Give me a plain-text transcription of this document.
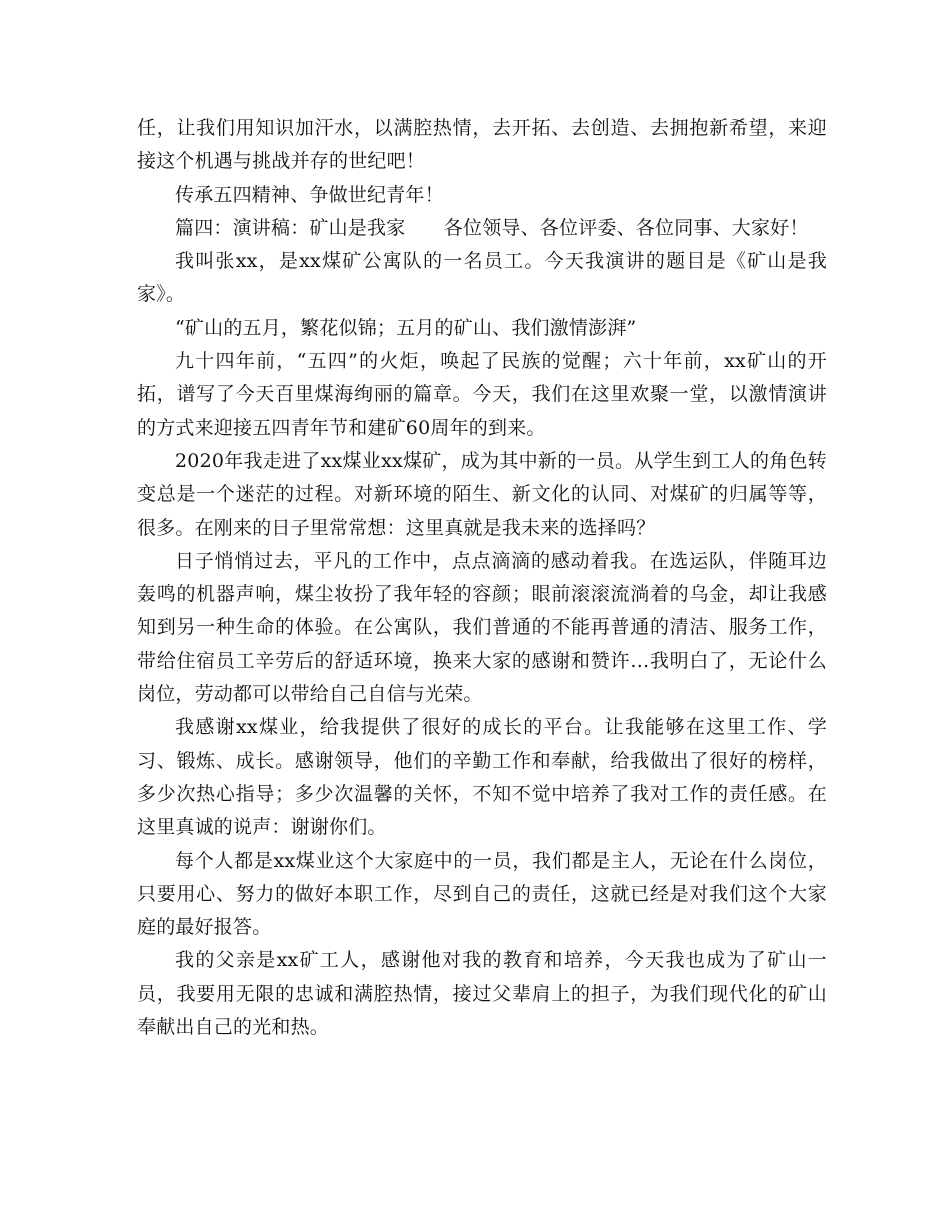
任，让我们用知识加汗水，以满腔热情，去开拓、去创造、去拥抱新希望，来迎接这个机遇与挑战并存的世纪吧！

传承五四精神、争做世纪青年！

篇四：演讲稿：矿山是我家　　各位领导、各位评委、各位同事、大家好！

我叫张xx，是xx煤矿公寓队的一名员工。今天我演讲的题目是《矿山是我家》。

“矿山的五月，繁花似锦；五月的矿山、我们激情澎湃”

九十四年前，“五四”的火炬，唤起了民族的觉醒；六十年前，xx矿山的开拓，谱写了今天百里煤海绚丽的篇章。今天，我们在这里欢聚一堂，以激情演讲的方式来迎接五四青年节和建矿60周年的到来。

2020年我走进了xx煤业xx煤矿，成为其中新的一员。从学生到工人的角色转变总是一个迷茫的过程。对新环境的陌生、新文化的认同、对煤矿的归属等等，很多。在刚来的日子里常常想：这里真就是我未来的选择吗？

日子悄悄过去，平凡的工作中，点点滴滴的感动着我。在选运队，伴随耳边轰鸣的机器声响，煤尘妆扮了我年轻的容颜；眼前滚滚流淌着的乌金，却让我感知到另一种生命的体验。在公寓队，我们普通的不能再普通的清洁、服务工作，带给住宿员工辛劳后的舒适环境，换来大家的感谢和赞许…我明白了，无论什么岗位，劳动都可以带给自己自信与光荣。

我感谢xx煤业，给我提供了很好的成长的平台。让我能够在这里工作、学习、锻炼、成长。感谢领导，他们的辛勤工作和奉献，给我做出了很好的榜样，多少次热心指导；多少次温馨的关怀，不知不觉中培养了我对工作的责任感。在这里真诚的说声：谢谢你们。

每个人都是xx煤业这个大家庭中的一员，我们都是主人，无论在什么岗位，只要用心、努力的做好本职工作，尽到自己的责任，这就已经是对我们这个大家庭的最好报答。

我的父亲是xx矿工人，感谢他对我的教育和培养，今天我也成为了矿山一员，我要用无限的忠诚和满腔热情，接过父辈肩上的担子，为我们现代化的矿山奉献出自己的光和热。
